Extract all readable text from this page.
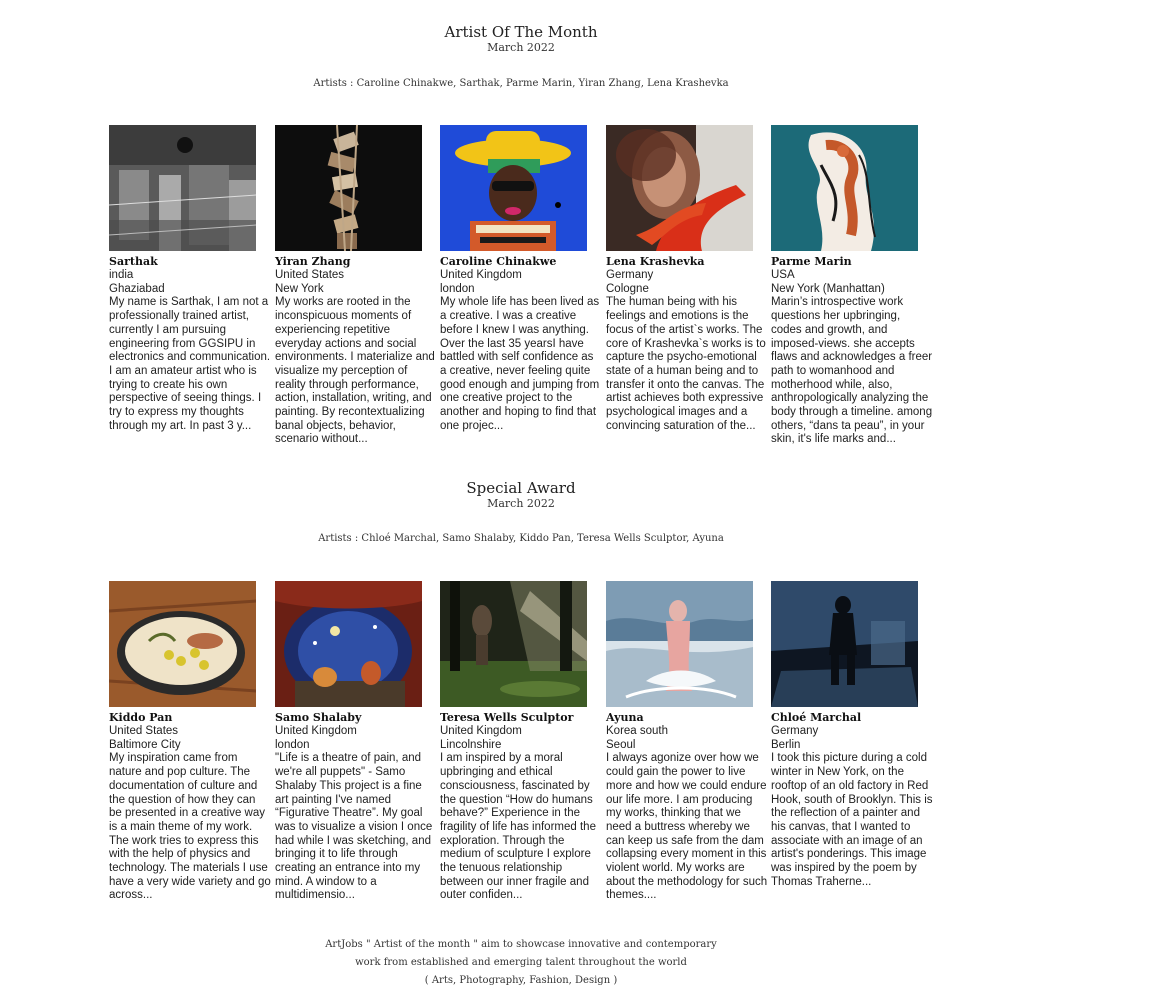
Artist Of The Month
March 2022
Artists : Caroline Chinakwe, Sarthak, Parme Marin, Yiran Zhang, Lena Krashevka
Sarthak
india
Ghaziabad
My name is Sarthak, I am not a professionally trained artist, currently I am pursuing engineering from GGSIPU in electronics and communication. I am an amateur artist who is trying to create his own perspective of seeing things. I try to express my thoughts through my art. In past 3 y...
Yiran Zhang
United States
New York
My works are rooted in the inconspicuous moments of experiencing repetitive everyday actions and social environments. I materialize and visualize my perception of reality through performance, action, installation, writing, and painting. By recontextualizing banal objects, behavior, scenario without...
Caroline Chinakwe
United Kingdom
london
My whole life has been lived as a creative. I was a creative before I knew I was anything. Over the last 35 yearsI have battled with self confidence as a creative, never feeling quite good enough and jumping from one creative project to the another and hoping to find that one projec...
Lena Krashevka
Germany
Cologne
The human being with his feelings and emotions is the focus of the artist`s works. The core of Krashevka`s works is to capture the psycho-emotional state of a human being and to transfer it onto the canvas. The artist achieves both expressive psychological images and a convincing saturation of the...
Parme Marin
USA
New York (Manhattan)
Marin’s introspective work questions her upbringing, codes and growth, and imposed-views. she accepts flaws and acknowledges a freer path to womanhood and motherhood while, also, anthropologically analyzing the body through a timeline. among others, “dans ta peau”, in your skin, it's life marks and...
Special Award
March 2022
Artists : Chloé Marchal, Samo Shalaby, Kiddo Pan, Teresa Wells Sculptor, Ayuna
Kiddo Pan
United States
Baltimore City
My inspiration came from nature and pop culture. The documentation of culture and the question of how they can be presented in a creative way is a main theme of my work. The work tries to express this with the help of physics and technology. The materials I use have a very wide variety and go across...
Samo Shalaby
United Kingdom
london
"Life is a theatre of pain, and we're all puppets" - Samo Shalaby This project is a fine art painting I've named “Figurative Theatre”. My goal was to visualize a vision I once had while I was sketching, and bringing it to life through creating an entrance into my mind. A window to a multidimensio...
Teresa Wells Sculptor
United Kingdom
Lincolnshire
I am inspired by a moral upbringing and ethical consciousness, fascinated by the question “How do humans behave?” Experience in the fragility of life has informed the exploration. Through the medium of sculpture I explore the tenuous relationship between our inner fragile and outer confiden...
Ayuna
Korea south
Seoul
I always agonize over how we could gain the power to live more and how we could endure our life more. I am producing my works, thinking that we need a buttress whereby we can keep us safe from the dam collapsing every moment in this violent world. My works are about the methodology for such themes....
Chloé Marchal
Germany
Berlin
I took this picture during a cold winter in New York, on the rooftop of an old factory in Red Hook, south of Brooklyn. This is the reflection of a painter and his canvas, that I wanted to associate with an image of an artist's ponderings. This image was inspired by the poem by Thomas Traherne...
ArtJobs " Artist of the month " aim to showcase innovative and contemporary
work from established and emerging talent throughout the world
( Arts, Photography, Fashion, Design )
